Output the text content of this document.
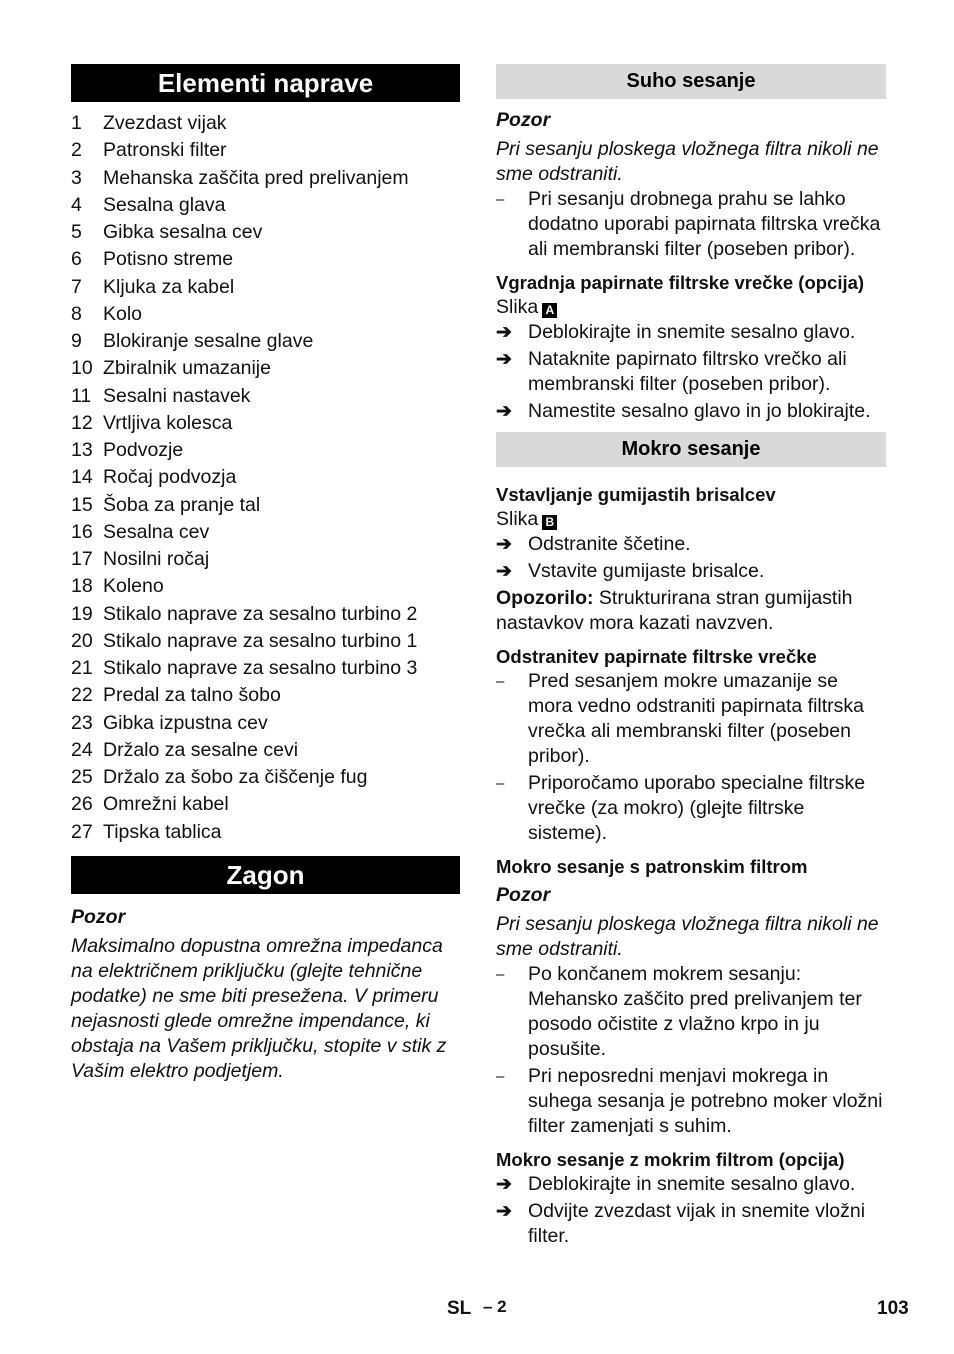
Elementi naprave
1	Zvezdast vijak
2	Patronski filter
3	Mehanska zaščita pred prelivanjem
4	Sesalna glava
5	Gibka sesalna cev
6	Potisno streme
7	Kljuka za kabel
8	Kolo
9	Blokiranje sesalne glave
10 Zbiralnik umazanije
11 Sesalni nastavek
12 Vrtljiva kolesca
13 Podvozje
14 Ročaj podvozja
15 Šoba za pranje tal
16 Sesalna cev
17 Nosilni ročaj
18 Koleno
19 Stikalo naprave za sesalno turbino 2
20 Stikalo naprave za sesalno turbino 1
21 Stikalo naprave za sesalno turbino 3
22 Predal za talno šobo
23 Gibka izpustna cev
24 Držalo za sesalne cevi
25 Držalo za šobo za čiščenje fug
26 Omrežni kabel
27 Tipska tablica
Zagon

Pozor

Maksimalno dopustna omrežna impedanca na električnem priključku (glejte tehnične podatke) ne sme biti presežena. V primeru nejasnosti glede omrežne impendance, ki obstaja na Vašem priključku, stopite v stik z Vašim elektro podjetjem.

Suho sesanje

Pozor

Pri sesanju ploskega vložnega filtra nikoli ne sme odstraniti.

–	Pri sesanju drobnega prahu se lahko dodatno uporabi papirnata filtrska vrečka ali membranski filter (poseben pribor).

Vgradnja papirnate filtrske vrečke (opcija)

Slika A

➔ Deblokirajte in snemite sesalno glavo.
➔ Nataknite papirnato filtrsko vrečko ali membranski filter (poseben pribor).
➔ Namestite sesalno glavo in jo blokirajte.
Mokro sesanje

Vstavljanje gumijastih brisalcev

Slika B

➔ Odstranite ščetine.
➔ Vstavite gumijaste brisalce.

Opozorilo: Strukturirana stran gumijastih nastavkov mora kazati navzven.

Odstranitev papirnate filtrske vrečke

–	Pred sesanjem mokre umazanije se mora vedno odstraniti papirnata filtrska vrečka ali membranski filter (poseben pribor).
–	Priporočamo uporabo specialne filtrske vrečke (za mokro) (glejte filtrske sisteme).

Mokro sesanje s patronskim filtrom

Pozor

Pri sesanju ploskega vložnega filtra nikoli ne sme odstraniti.

–	Po končanem mokrem sesanju: Mehansko zaščito pred prelivanjem ter posodo očistite z vlažno krpo in ju posušite.
–	Pri neposredni menjavi mokrega in suhega sesanja je potrebno moker vložni filter zamenjati s suhim.

Mokro sesanje z mokrim filtrom (opcija)

➔ Deblokirajte in snemite sesalno glavo.
➔ Odvijte zvezdast vijak in snemite vložni filter.
SL – 2	103
